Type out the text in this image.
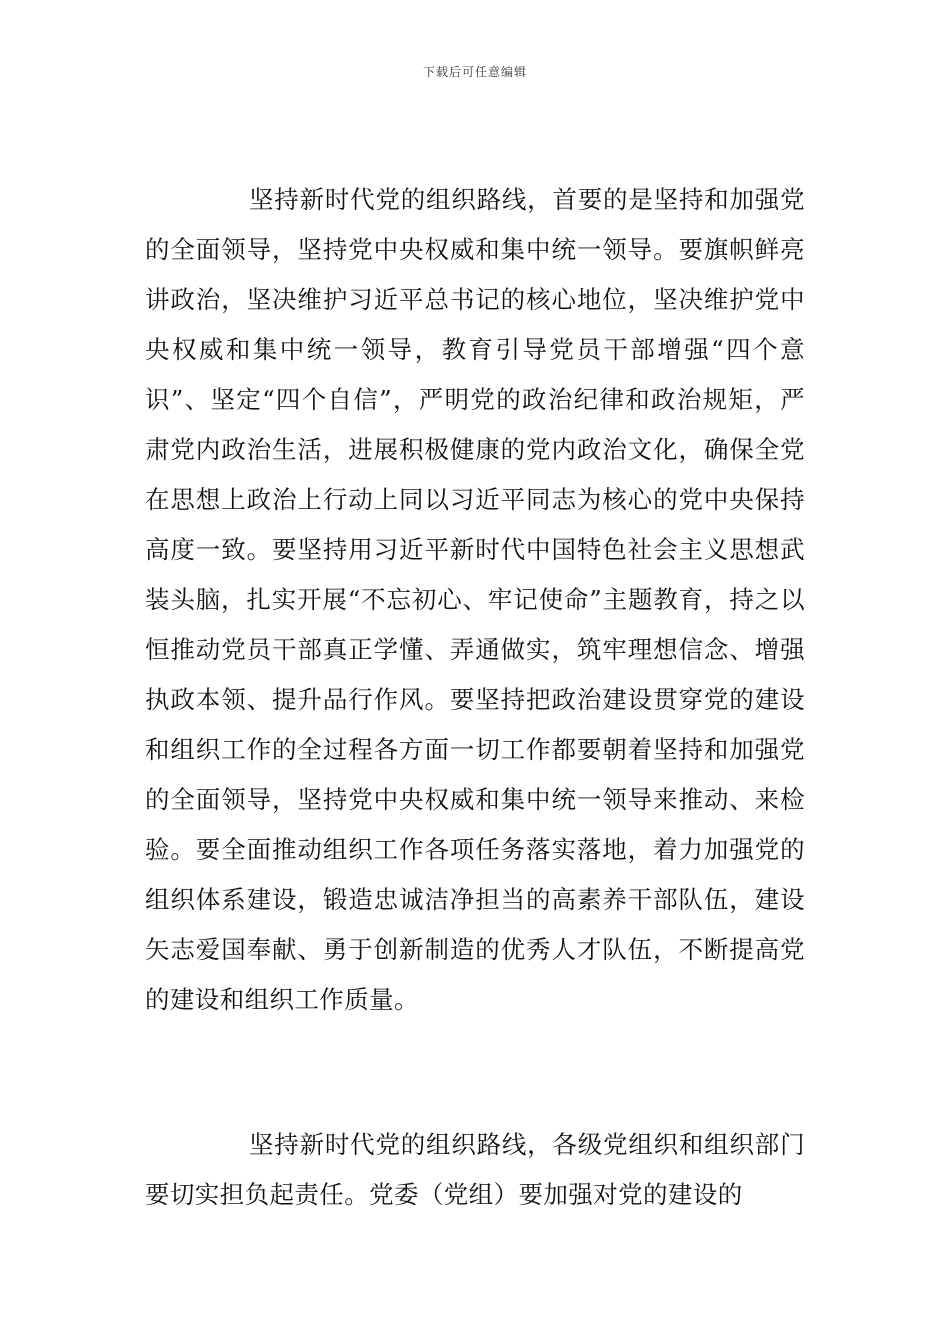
下载后可任意编辑

坚持新时代党的组织路线，首要的是坚持和加强党的全面领导，坚持党中央权威和集中统一领导。要旗帜鲜亮讲政治，坚决维护习近平总书记的核心地位，坚决维护党中央权威和集中统一领导，教育引导党员干部增强“四个意识”、坚定“四个自信”，严明党的政治纪律和政治规矩，严肃党内政治生活，进展积极健康的党内政治文化，确保全党在思想上政治上行动上同以习近平同志为核心的党中央保持高度一致。要坚持用习近平新时代中国特色社会主义思想武装头脑，扎实开展“不忘初心、牢记使命”主题教育，持之以恒推动党员干部真正学懂、弄通做实，筑牢理想信念、增强执政本领、提升品行作风。要坚持把政治建设贯穿党的建设和组织工作的全过程各方面一切工作都要朝着坚持和加强党的全面领导，坚持党中央权威和集中统一领导来推动、来检验。要全面推动组织工作各项任务落实落地，着力加强党的组织体系建设，锻造忠诚洁净担当的高素养干部队伍，建设矢志爱国奉献、勇于创新制造的优秀人才队伍，不断提高党的建设和组织工作质量。

坚持新时代党的组织路线，各级党组织和组织部门要切实担负起责任。党委（党组）要加强对党的建设的
